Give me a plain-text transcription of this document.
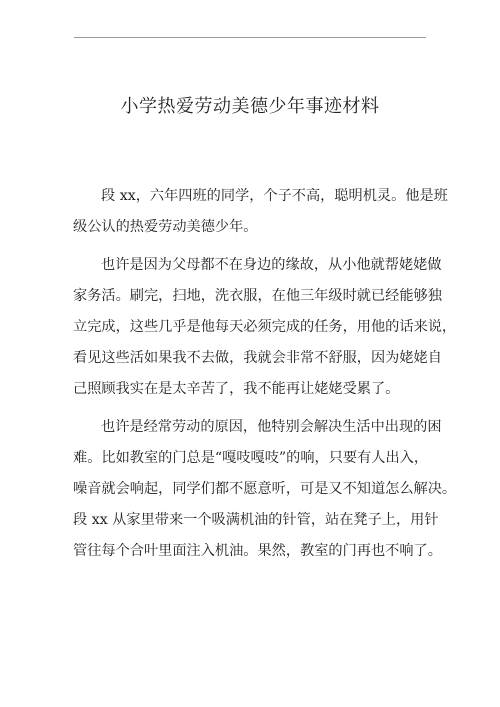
小学热爱劳动美德少年事迹材料
段 xx，六年四班的同学，个子不高，聪明机灵。他是班
级公认的热爱劳动美德少年。
也许是因为父母都不在身边的缘故，从小他就帮姥姥做
家务活。刷完，扫地，洗衣服，在他三年级时就已经能够独
立完成，这些几乎是他每天必须完成的任务，用他的话来说，
看见这些活如果我不去做，我就会非常不舒服，因为姥姥自
己照顾我实在是太辛苦了，我不能再让姥姥受累了。
也许是经常劳动的原因，他特别会解决生活中出现的困
难。比如教室的门总是“嘎吱嘎吱”的响，只要有人出入，
噪音就会响起，同学们都不愿意听，可是又不知道怎么解决。
段 xx 从家里带来一个吸满机油的针管，站在凳子上，用针
管往每个合叶里面注入机油。果然，教室的门再也不响了。
